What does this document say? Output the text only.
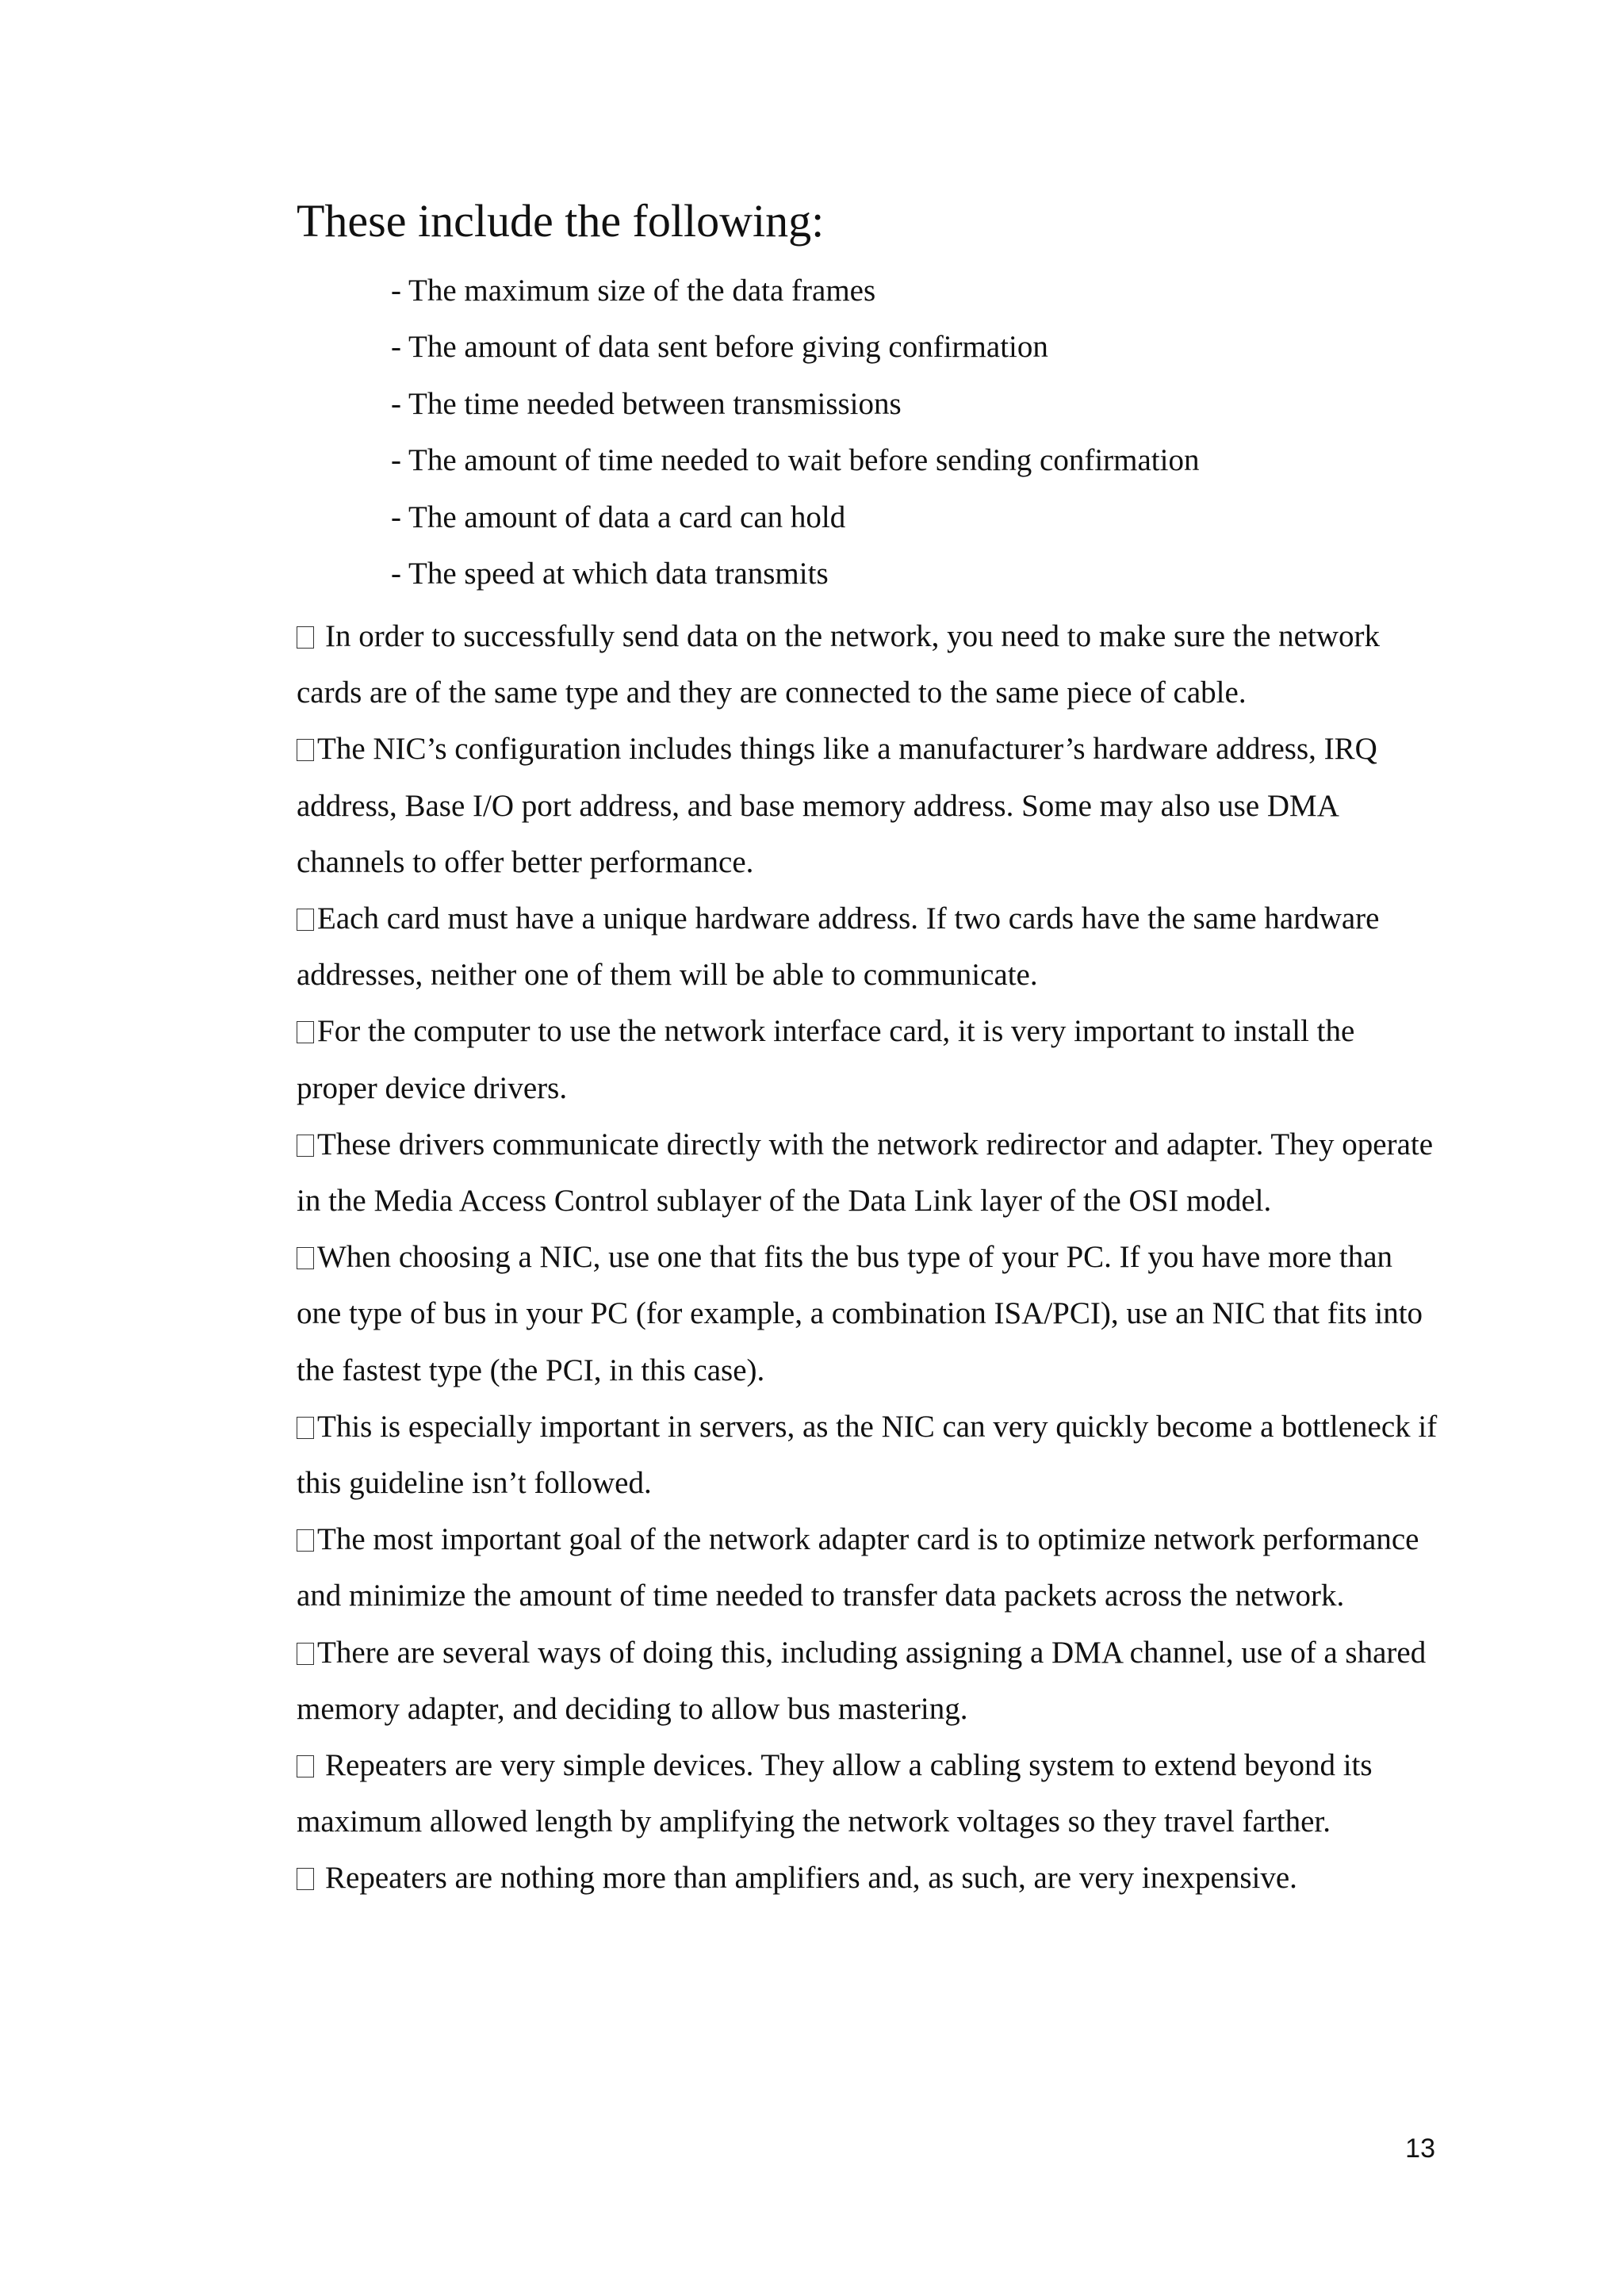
These include the following:
- The maximum size of the data frames
- The amount of data sent before giving confirmation
- The time needed between transmissions
- The amount of time needed to wait before sending confirmation
- The amount of data a card can hold
- The speed at which data transmits

In order to successfully send data on the network, you need to make sure the network cards are of the same type and they are connected to the same piece of cable.

The NIC’s configuration includes things like a manufacturer’s hardware address, IRQ address, Base I/O port address, and base memory address. Some may also use DMA channels to offer better performance.

Each card must have a unique hardware address. If two cards have the same hardware addresses, neither one of them will be able to communicate.

For the computer to use the network interface card, it is very important to install the proper device drivers.

These drivers communicate directly with the network redirector and adapter. They operate in the Media Access Control sublayer of the Data Link layer of the OSI model.

When choosing a NIC, use one that fits the bus type of your PC. If you have more than one type of bus in your PC (for example, a combination ISA/PCI), use an NIC that fits into the fastest type (the PCI, in this case).

This is especially important in servers, as the NIC can very quickly become a bottleneck if this guideline isn’t followed.

The most important goal of the network adapter card is to optimize network performance and minimize the amount of time needed to transfer data packets across the network.

There are several ways of doing this, including assigning a DMA channel, use of a shared memory adapter, and deciding to allow bus mastering.

Repeaters are very simple devices. They allow a cabling system to extend beyond its maximum allowed length by amplifying the network voltages so they travel farther.

Repeaters are nothing more than amplifiers and, as such, are very inexpensive.

13
